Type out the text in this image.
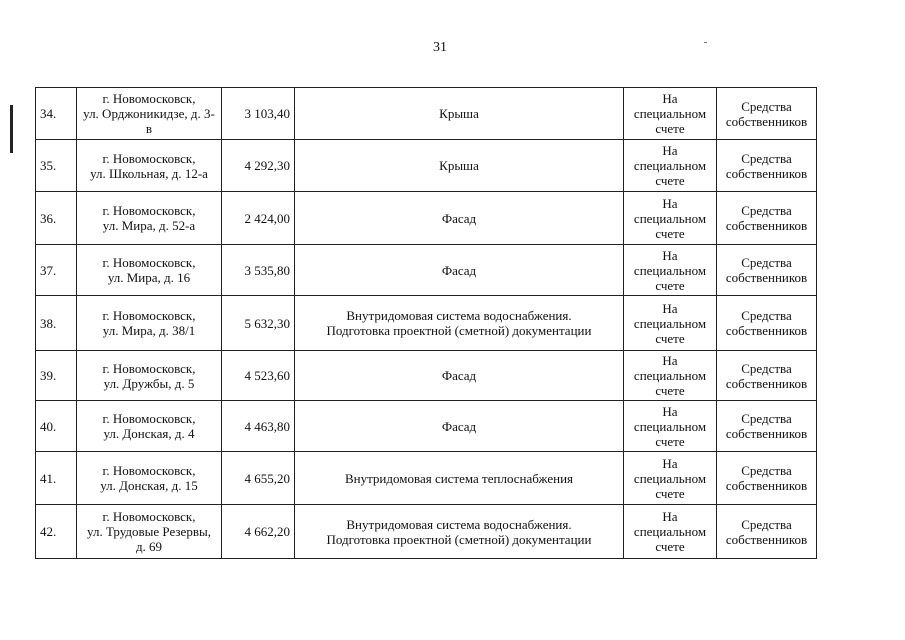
31
34.	г. Новомосковск,
ул. Орджоникидзе, д. 3-в	3 103,40	Крыша	На
специальном
счете	Средства
собственников

35.	г. Новомосковск,
ул. Школьная, д. 12-а	4 292,30	Крыша	На
специальном
счете	Средства
собственников

36.	г. Новомосковск,
ул. Мира, д. 52-а	2 424,00	Фасад	На
специальном
счете	Средства
собственников

37.	г. Новомосковск,
ул. Мира, д. 16	3 535,80	Фасад	На
специальном
счете	Средства
собственников

38.	г. Новомосковск,
ул. Мира, д. 38/1	5 632,30	Внутридомовая система водоснабжения.
Подготовка проектной (сметной) документации	На
специальном
счете	Средства
собственников

39.	г. Новомосковск,
ул. Дружбы, д. 5	4 523,60	Фасад	На
специальном
счете	Средства
собственников

40.	г. Новомосковск,
ул. Донская, д. 4	4 463,80	Фасад	На
специальном
счете	Средства
собственников

41.	г. Новомосковск,
ул. Донская, д. 15	4 655,20	Внутридомовая система теплоснабжения	На
специальном
счете	Средства
собственников

42.	г. Новомосковск,
ул. Трудовые Резервы,
д. 69	4 662,20	Внутридомовая система водоснабжения.
Подготовка проектной (сметной) документации	На
специальном
счете	Средства
собственников
